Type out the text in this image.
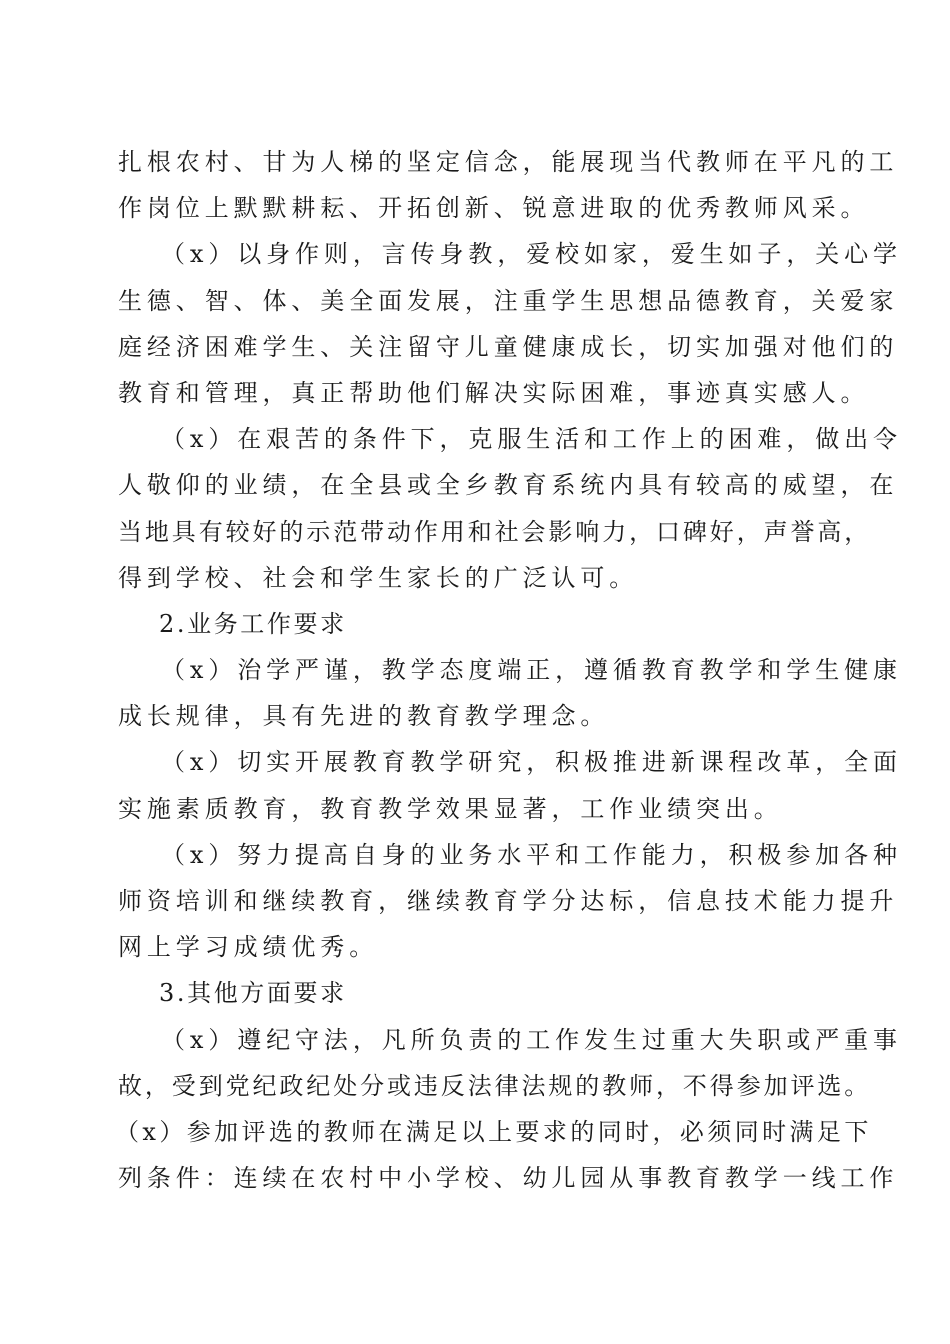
扎根农村、甘为人梯的坚定信念，能展现当代教师在平凡的工
作岗位上默默耕耘、开拓创新、锐意进取的优秀教师风采。
（x）以身作则，言传身教，爱校如家，爱生如子，关心学
生德、智、体、美全面发展，注重学生思想品德教育，关爱家
庭经济困难学生、关注留守儿童健康成长，切实加强对他们的
教育和管理，真正帮助他们解决实际困难，事迹真实感人。
（x）在艰苦的条件下，克服生活和工作上的困难，做出令
人敬仰的业绩，在全县或全乡教育系统内具有较高的威望，在
当地具有较好的示范带动作用和社会影响力，口碑好，声誉高，
得到学校、社会和学生家长的广泛认可。
2.业务工作要求
（x）治学严谨，教学态度端正，遵循教育教学和学生健康
成长规律，具有先进的教育教学理念。
（x）切实开展教育教学研究，积极推进新课程改革，全面
实施素质教育，教育教学效果显著，工作业绩突出。
（x）努力提高自身的业务水平和工作能力，积极参加各种
师资培训和继续教育，继续教育学分达标，信息技术能力提升
网上学习成绩优秀。
3.其他方面要求
（x）遵纪守法，凡所负责的工作发生过重大失职或严重事
故，受到党纪政纪处分或违反法律法规的教师，不得参加评选。
（x）参加评选的教师在满足以上要求的同时，必须同时满足下
列条件：连续在农村中小学校、幼儿园从事教育教学一线工作
